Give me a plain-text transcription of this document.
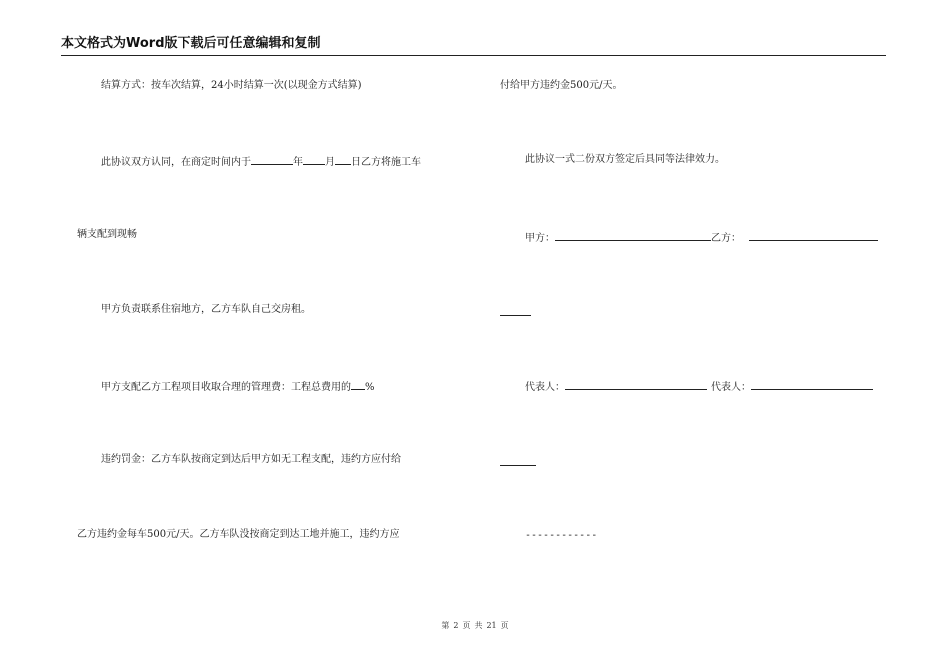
本文格式为Word版下载后可任意编辑和复制
结算方式：按车次结算，24小时结算一次(以现金方式结算)
此协议双方认同，在商定时间内于	年 月 日乙方将施工车
辆支配到现畅
甲方负责联系住宿地方，乙方车队自己交房租。
甲方支配乙方工程项目收取合理的管理费：工程总费用的 %
违约罚金：乙方车队按商定到达后甲方如无工程支配，违约方应付给
乙方违约金每车500元/天。乙方车队没按商定到达工地并施工，违约方应
付给甲方违约金500元/天。
此协议一式二份双方签定后具同等法律效力。
甲方：	乙方：
代表人：	代表人：
------------
第 2 页 共 21 页
